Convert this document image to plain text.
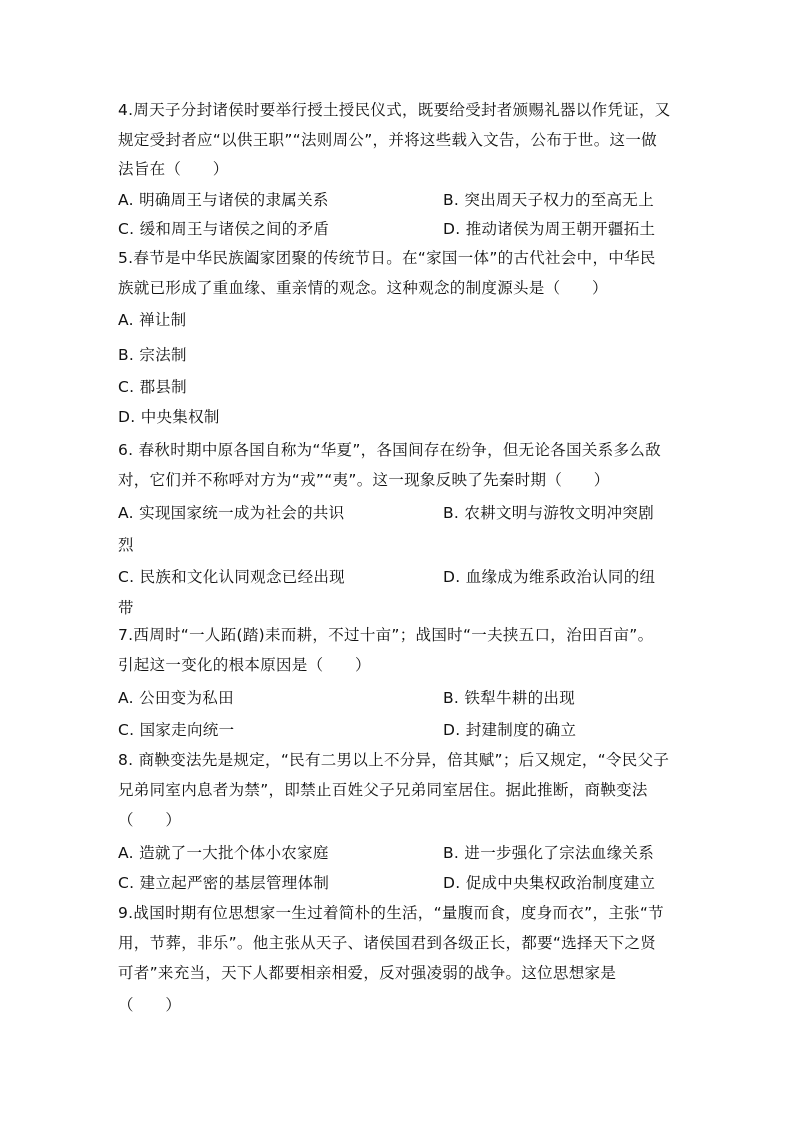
4.周天子分封诸侯时要举行授土授民仪式，既要给受封者颁赐礼器以作凭证，又
规定受封者应“以供王职”“法则周公”，并将这些载入文告，公布于世。这一做
法旨在（　　）
A. 明确周王与诸侯的隶属关系	B. 突出周天子权力的至高无上
C. 缓和周王与诸侯之间的矛盾	D. 推动诸侯为周王朝开疆拓土
5.春节是中华民族阖家团聚的传统节日。在“家国一体”的古代社会中，中华民
族就已形成了重血缘、重亲情的观念。这种观念的制度源头是（　　）
A. 禅让制
B. 宗法制
C. 郡县制
D. 中央集权制
6. 春秋时期中原各国自称为“华夏”，各国间存在纷争，但无论各国关系多么敌
对，它们并不称呼对方为“戎”“夷”。这一现象反映了先秦时期（　　）
A. 实现国家统一成为社会的共识	B. 农耕文明与游牧文明冲突剧
烈
C. 民族和文化认同观念已经出现	D. 血缘成为维系政治认同的纽
带
7.西周时“一人跖(踏)耒而耕，不过十亩”；战国时“一夫挟五口，治田百亩”。
引起这一变化的根本原因是（　　）
A. 公田变为私田	B. 铁犁牛耕的出现
C. 国家走向统一	D. 封建制度的确立
8. 商鞅变法先是规定，“民有二男以上不分异，倍其赋”；后又规定，“令民父子
兄弟同室内息者为禁”，即禁止百姓父子兄弟同室居住。据此推断，商鞅变法
（　　）
A. 造就了一大批个体小农家庭	B. 进一步强化了宗法血缘关系
C. 建立起严密的基层管理体制	D. 促成中央集权政治制度建立
9.战国时期有位思想家一生过着简朴的生活，“量腹而食，度身而衣”，主张“节
用，节葬，非乐”。他主张从天子、诸侯国君到各级正长，都要“选择天下之贤
可者”来充当，天下人都要相亲相爱，反对强凌弱的战争。这位思想家是
（　　）
